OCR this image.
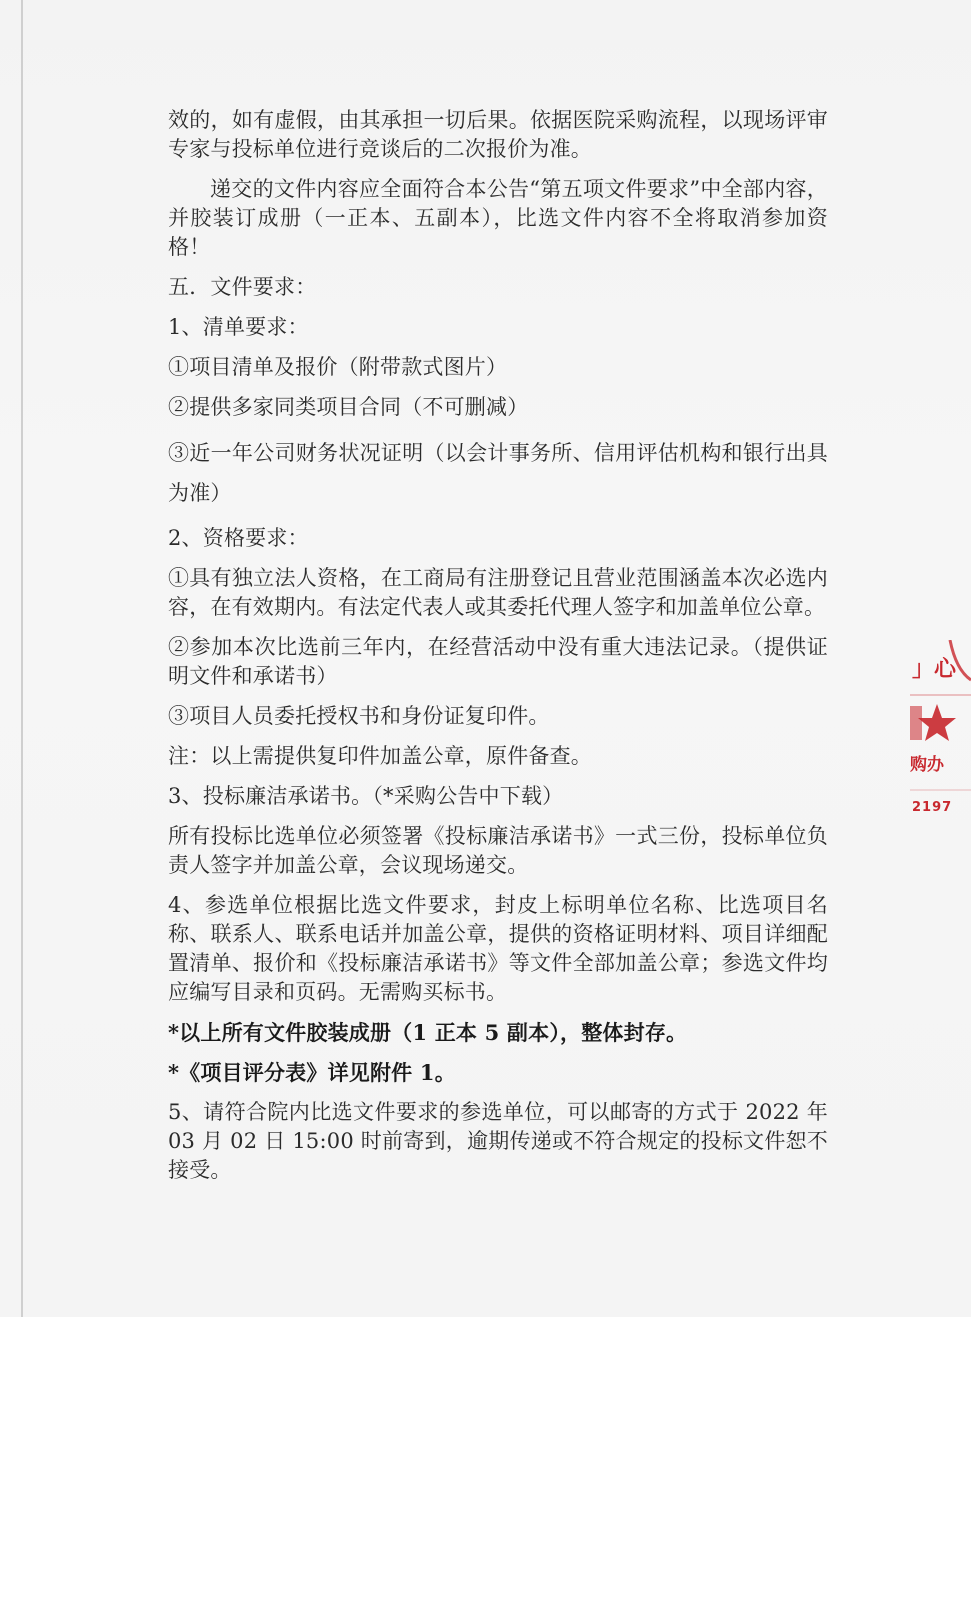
效的，如有虚假，由其承担一切后果。依据医院采购流程，以现场评审专家与投标单位进行竞谈后的二次报价为准。

递交的文件内容应全面符合本公告“第五项文件要求”中全部内容，并胶装订成册（一正本、五副本），比选文件内容不全将取消参加资格！

五．文件要求：

1、清单要求：

①项目清单及报价（附带款式图片）

②提供多家同类项目合同（不可删减）

③近一年公司财务状况证明（以会计事务所、信用评估机构和银行出具为准）

2、资格要求：

①具有独立法人资格，在工商局有注册登记且营业范围涵盖本次必选内容，在有效期内。有法定代表人或其委托代理人签字和加盖单位公章。

②参加本次比选前三年内，在经营活动中没有重大违法记录。（提供证明文件和承诺书）

③项目人员委托授权书和身份证复印件。

注：以上需提供复印件加盖公章，原件备查。

3、投标廉洁承诺书。（*采购公告中下载）

所有投标比选单位必须签署《投标廉洁承诺书》一式三份，投标单位负责人签字并加盖公章，会议现场递交。

4、参选单位根据比选文件要求，封皮上标明单位名称、比选项目名称、联系人、联系电话并加盖公章，提供的资格证明材料、项目详细配置清单、报价和《投标廉洁承诺书》等文件全部加盖公章；参选文件均应编写目录和页码。无需购买标书。

*以上所有文件胶装成册（1 正本 5 副本），整体封存。

*《项目评分表》详见附件 1。

5、请符合院内比选文件要求的参选单位，可以邮寄的方式于 2022 年 03 月 02 日 15:00 时前寄到，逾期传递或不符合规定的投标文件恕不接受。

」心
购办
2197
